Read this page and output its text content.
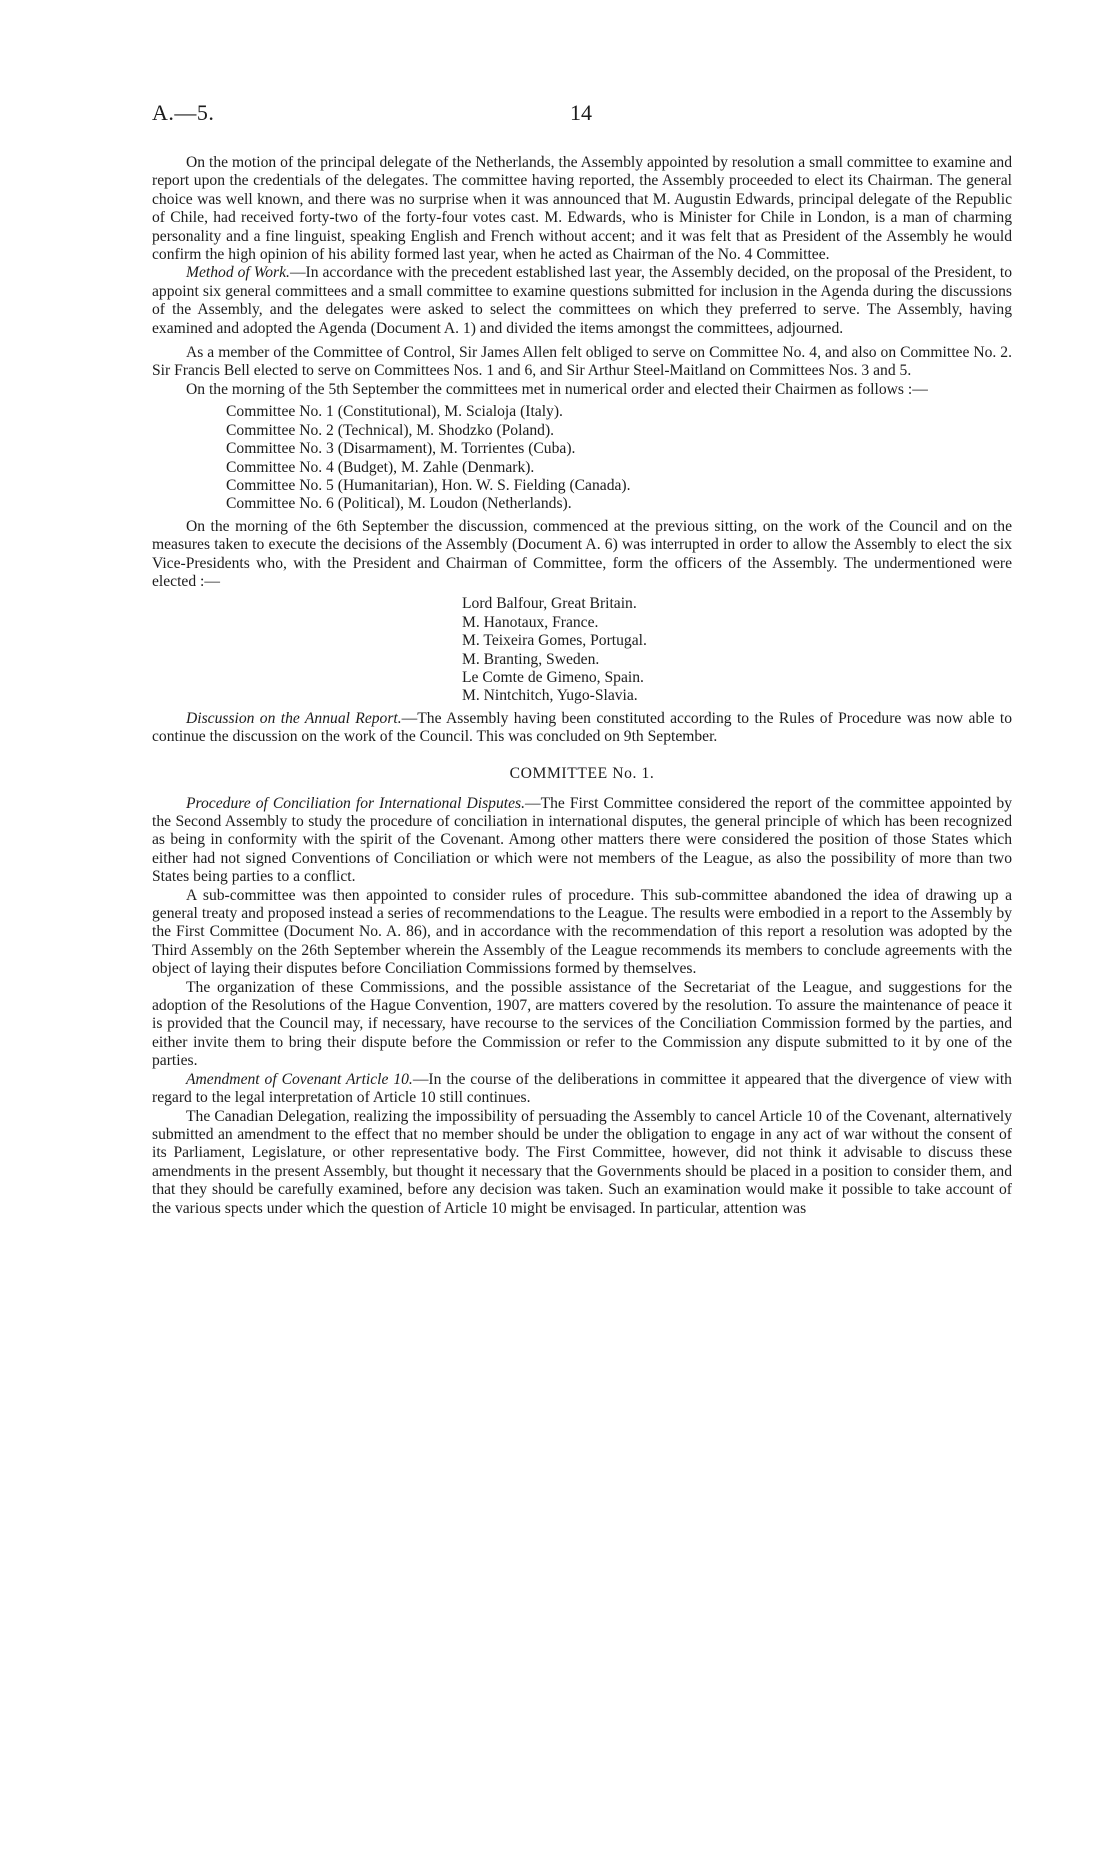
A.—5.	14

On the motion of the principal delegate of the Netherlands, the Assembly appointed by resolution a small committee to examine and report upon the credentials of the delegates. The committee having reported, the Assembly proceeded to elect its Chairman. The general choice was well known, and there was no surprise when it was announced that M. Augustin Edwards, principal delegate of the Republic of Chile, had received forty-two of the forty-four votes cast. M. Edwards, who is Minister for Chile in London, is a man of charming personality and a fine linguist, speaking English and French without accent; and it was felt that as President of the Assembly he would confirm the high opinion of his ability formed last year, when he acted as Chairman of the No. 4 Committee.

Method of Work.—In accordance with the precedent established last year, the Assembly decided, on the proposal of the President, to appoint six general committees and a small committee to examine questions submitted for inclusion in the Agenda during the discussions of the Assembly, and the delegates were asked to select the committees on which they preferred to serve. The Assembly, having examined and adopted the Agenda (Document A. 1) and divided the items amongst the committees, adjourned.

As a member of the Committee of Control, Sir James Allen felt obliged to serve on Committee No. 4, and also on Committee No. 2. Sir Francis Bell elected to serve on Committees Nos. 1 and 6, and Sir Arthur Steel-Maitland on Committees Nos. 3 and 5.

On the morning of the 5th September the committees met in numerical order and elected their Chairmen as follows :—

Committee No. 1 (Constitutional), M. Scialoja (Italy).
Committee No. 2 (Technical), M. Shodzko (Poland).
Committee No. 3 (Disarmament), M. Torrientes (Cuba).
Committee No. 4 (Budget), M. Zahle (Denmark).
Committee No. 5 (Humanitarian), Hon. W. S. Fielding (Canada).
Committee No. 6 (Political), M. Loudon (Netherlands).

On the morning of the 6th September the discussion, commenced at the previous sitting, on the work of the Council and on the measures taken to execute the decisions of the Assembly (Document A. 6) was interrupted in order to allow the Assembly to elect the six Vice-Presidents who, with the President and Chairman of Committee, form the officers of the Assembly. The undermentioned were elected :—

Lord Balfour, Great Britain.
M. Hanotaux, France.
M. Teixeira Gomes, Portugal.
M. Branting, Sweden.
Le Comte de Gimeno, Spain.
M. Nintchitch, Yugo-Slavia.

Discussion on the Annual Report.—The Assembly having been constituted according to the Rules of Procedure was now able to continue the discussion on the work of the Council. This was concluded on 9th September.

COMMITTEE No. 1.

Procedure of Conciliation for International Disputes.—The First Committee considered the report of the committee appointed by the Second Assembly to study the procedure of conciliation in international disputes, the general principle of which has been recognized as being in conformity with the spirit of the Covenant. Among other matters there were considered the position of those States which either had not signed Conventions of Conciliation or which were not members of the League, as also the possibility of more than two States being parties to a conflict.

A sub-committee was then appointed to consider rules of procedure. This sub-committee abandoned the idea of drawing up a general treaty and proposed instead a series of recommendations to the League. The results were embodied in a report to the Assembly by the First Committee (Document No. A. 86), and in accordance with the recommendation of this report a resolution was adopted by the Third Assembly on the 26th September wherein the Assembly of the League recommends its members to conclude agreements with the object of laying their disputes before Conciliation Commissions formed by themselves.

The organization of these Commissions, and the possible assistance of the Secretariat of the League, and suggestions for the adoption of the Resolutions of the Hague Convention, 1907, are matters covered by the resolution. To assure the maintenance of peace it is provided that the Council may, if necessary, have recourse to the services of the Conciliation Commission formed by the parties, and either invite them to bring their dispute before the Commission or refer to the Commission any dispute submitted to it by one of the parties.

Amendment of Covenant Article 10.—In the course of the deliberations in committee it appeared that the divergence of view with regard to the legal interpretation of Article 10 still continues.

The Canadian Delegation, realizing the impossibility of persuading the Assembly to cancel Article 10 of the Covenant, alternatively submitted an amendment to the effect that no member should be under the obligation to engage in any act of war without the consent of its Parliament, Legislature, or other representative body. The First Committee, however, did not think it advisable to discuss these amendments in the present Assembly, but thought it necessary that the Governments should be placed in a position to consider them, and that they should be carefully examined, before any decision was taken. Such an examination would make it possible to take account of the various spects under which the question of Article 10 might be envisaged. In particular, attention was
